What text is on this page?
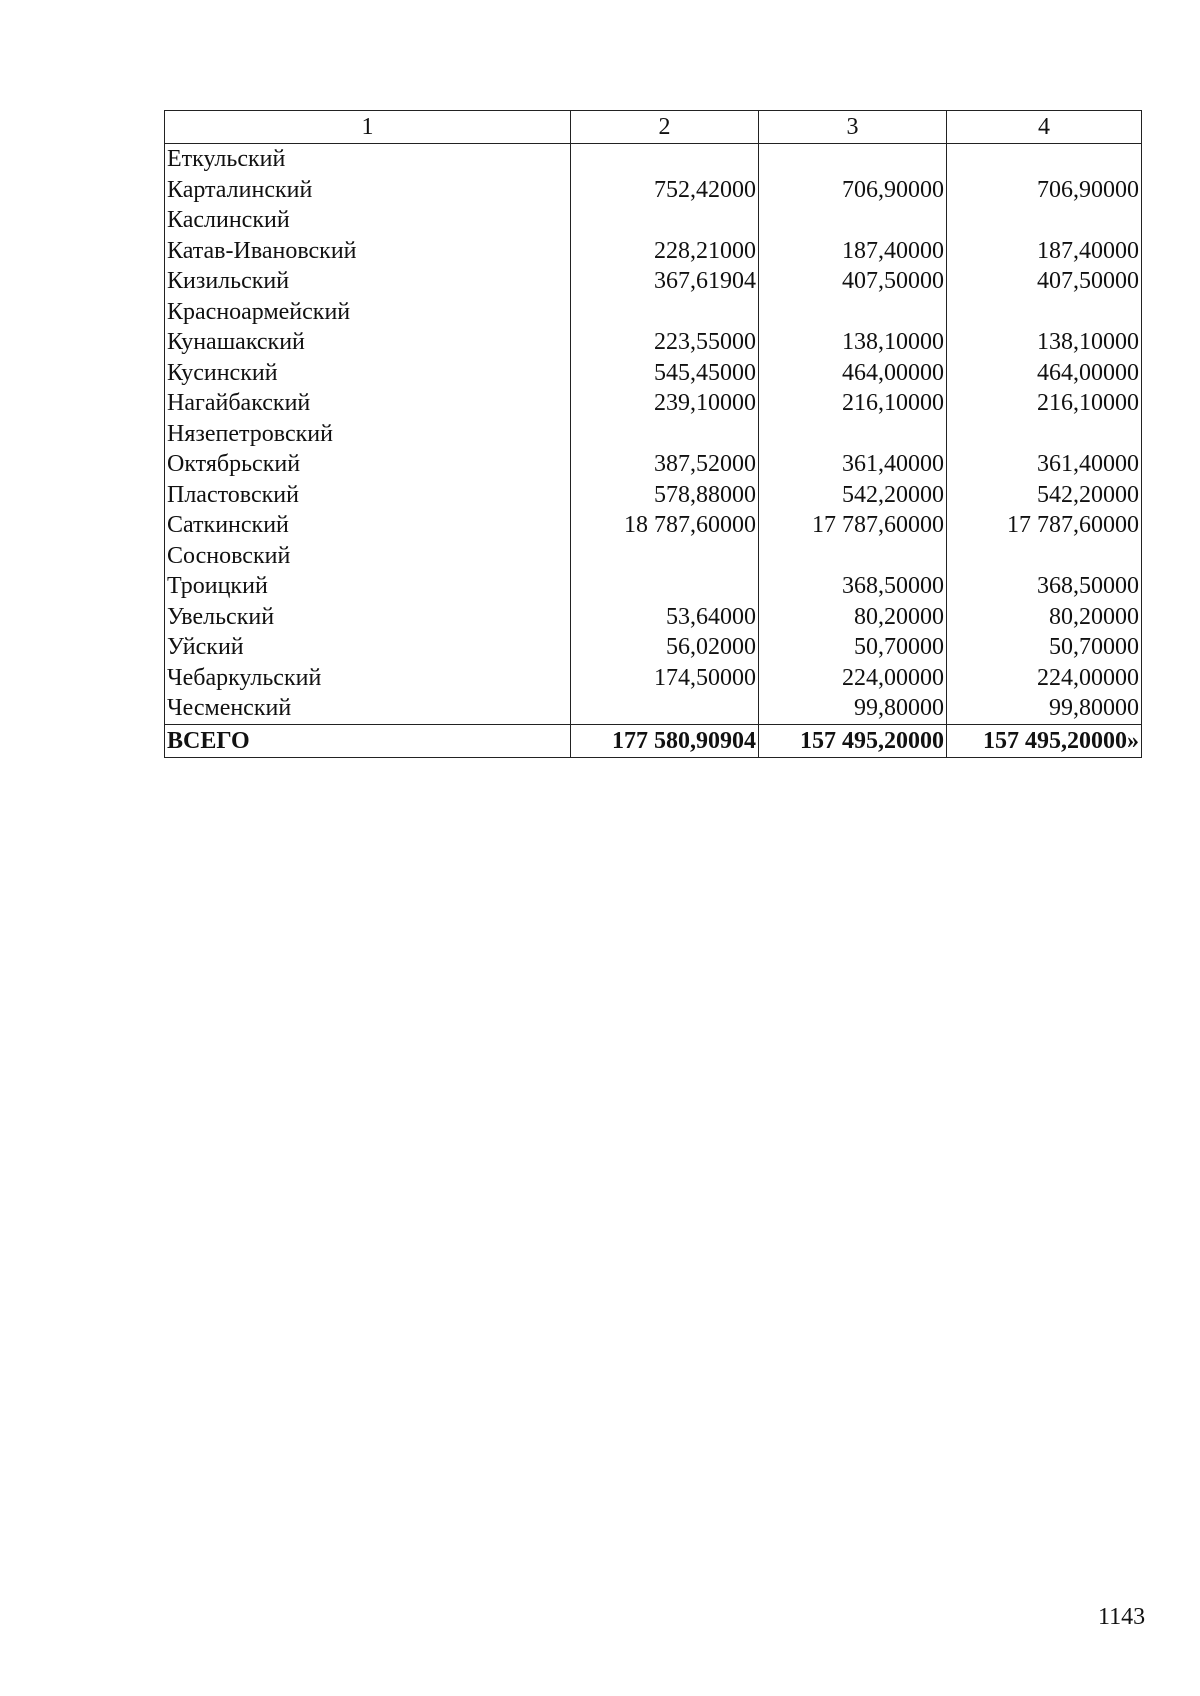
1	2	3	4
Еткульский			
Карталинский	752,42000	706,90000	706,90000
Каслинский			
Катав-Ивановский	228,21000	187,40000	187,40000
Кизильский	367,61904	407,50000	407,50000
Красноармейский			
Кунашакский	223,55000	138,10000	138,10000
Кусинский	545,45000	464,00000	464,00000
Нагайбакский	239,10000	216,10000	216,10000
Нязепетровский			
Октябрьский	387,52000	361,40000	361,40000
Пластовский	578,88000	542,20000	542,20000
Саткинский	18 787,60000	17 787,60000	17 787,60000
Сосновский			
Троицкий		368,50000	368,50000
Увельский	53,64000	80,20000	80,20000
Уйский	56,02000	50,70000	50,70000
Чебаркульский	174,50000	224,00000	224,00000
Чесменский		99,80000	99,80000
ВСЕГО	177 580,90904	157 495,20000	157 495,20000»
1143
